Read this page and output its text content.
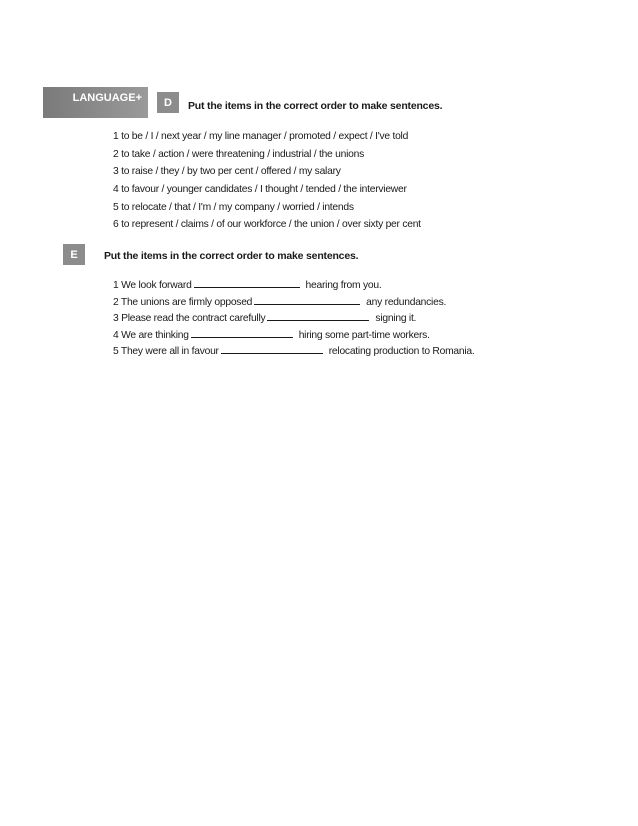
LANGUAGE+	D	Put the items in the correct order to make sentences.
1 to be / I / next year / my line manager / promoted / expect / I've told
2 to take / action / were threatening / industrial / the unions
3 to raise / they / by two per cent / offered / my salary
4 to favour / younger candidates / I thought / tended / the interviewer
5 to relocate / that / I'm / my company / worried / intends
6 to represent / claims / of our workforce / the union / over sixty per cent
E	Put the items in the correct order to make sentences.
1 We look forward	hearing from you.
2 The unions are firmly opposed	any redundancies.
3 Please read the contract carefully	signing it.
4 We are thinking	hiring some part-time workers.
5 They were all in favour	relocating production to Romania.
